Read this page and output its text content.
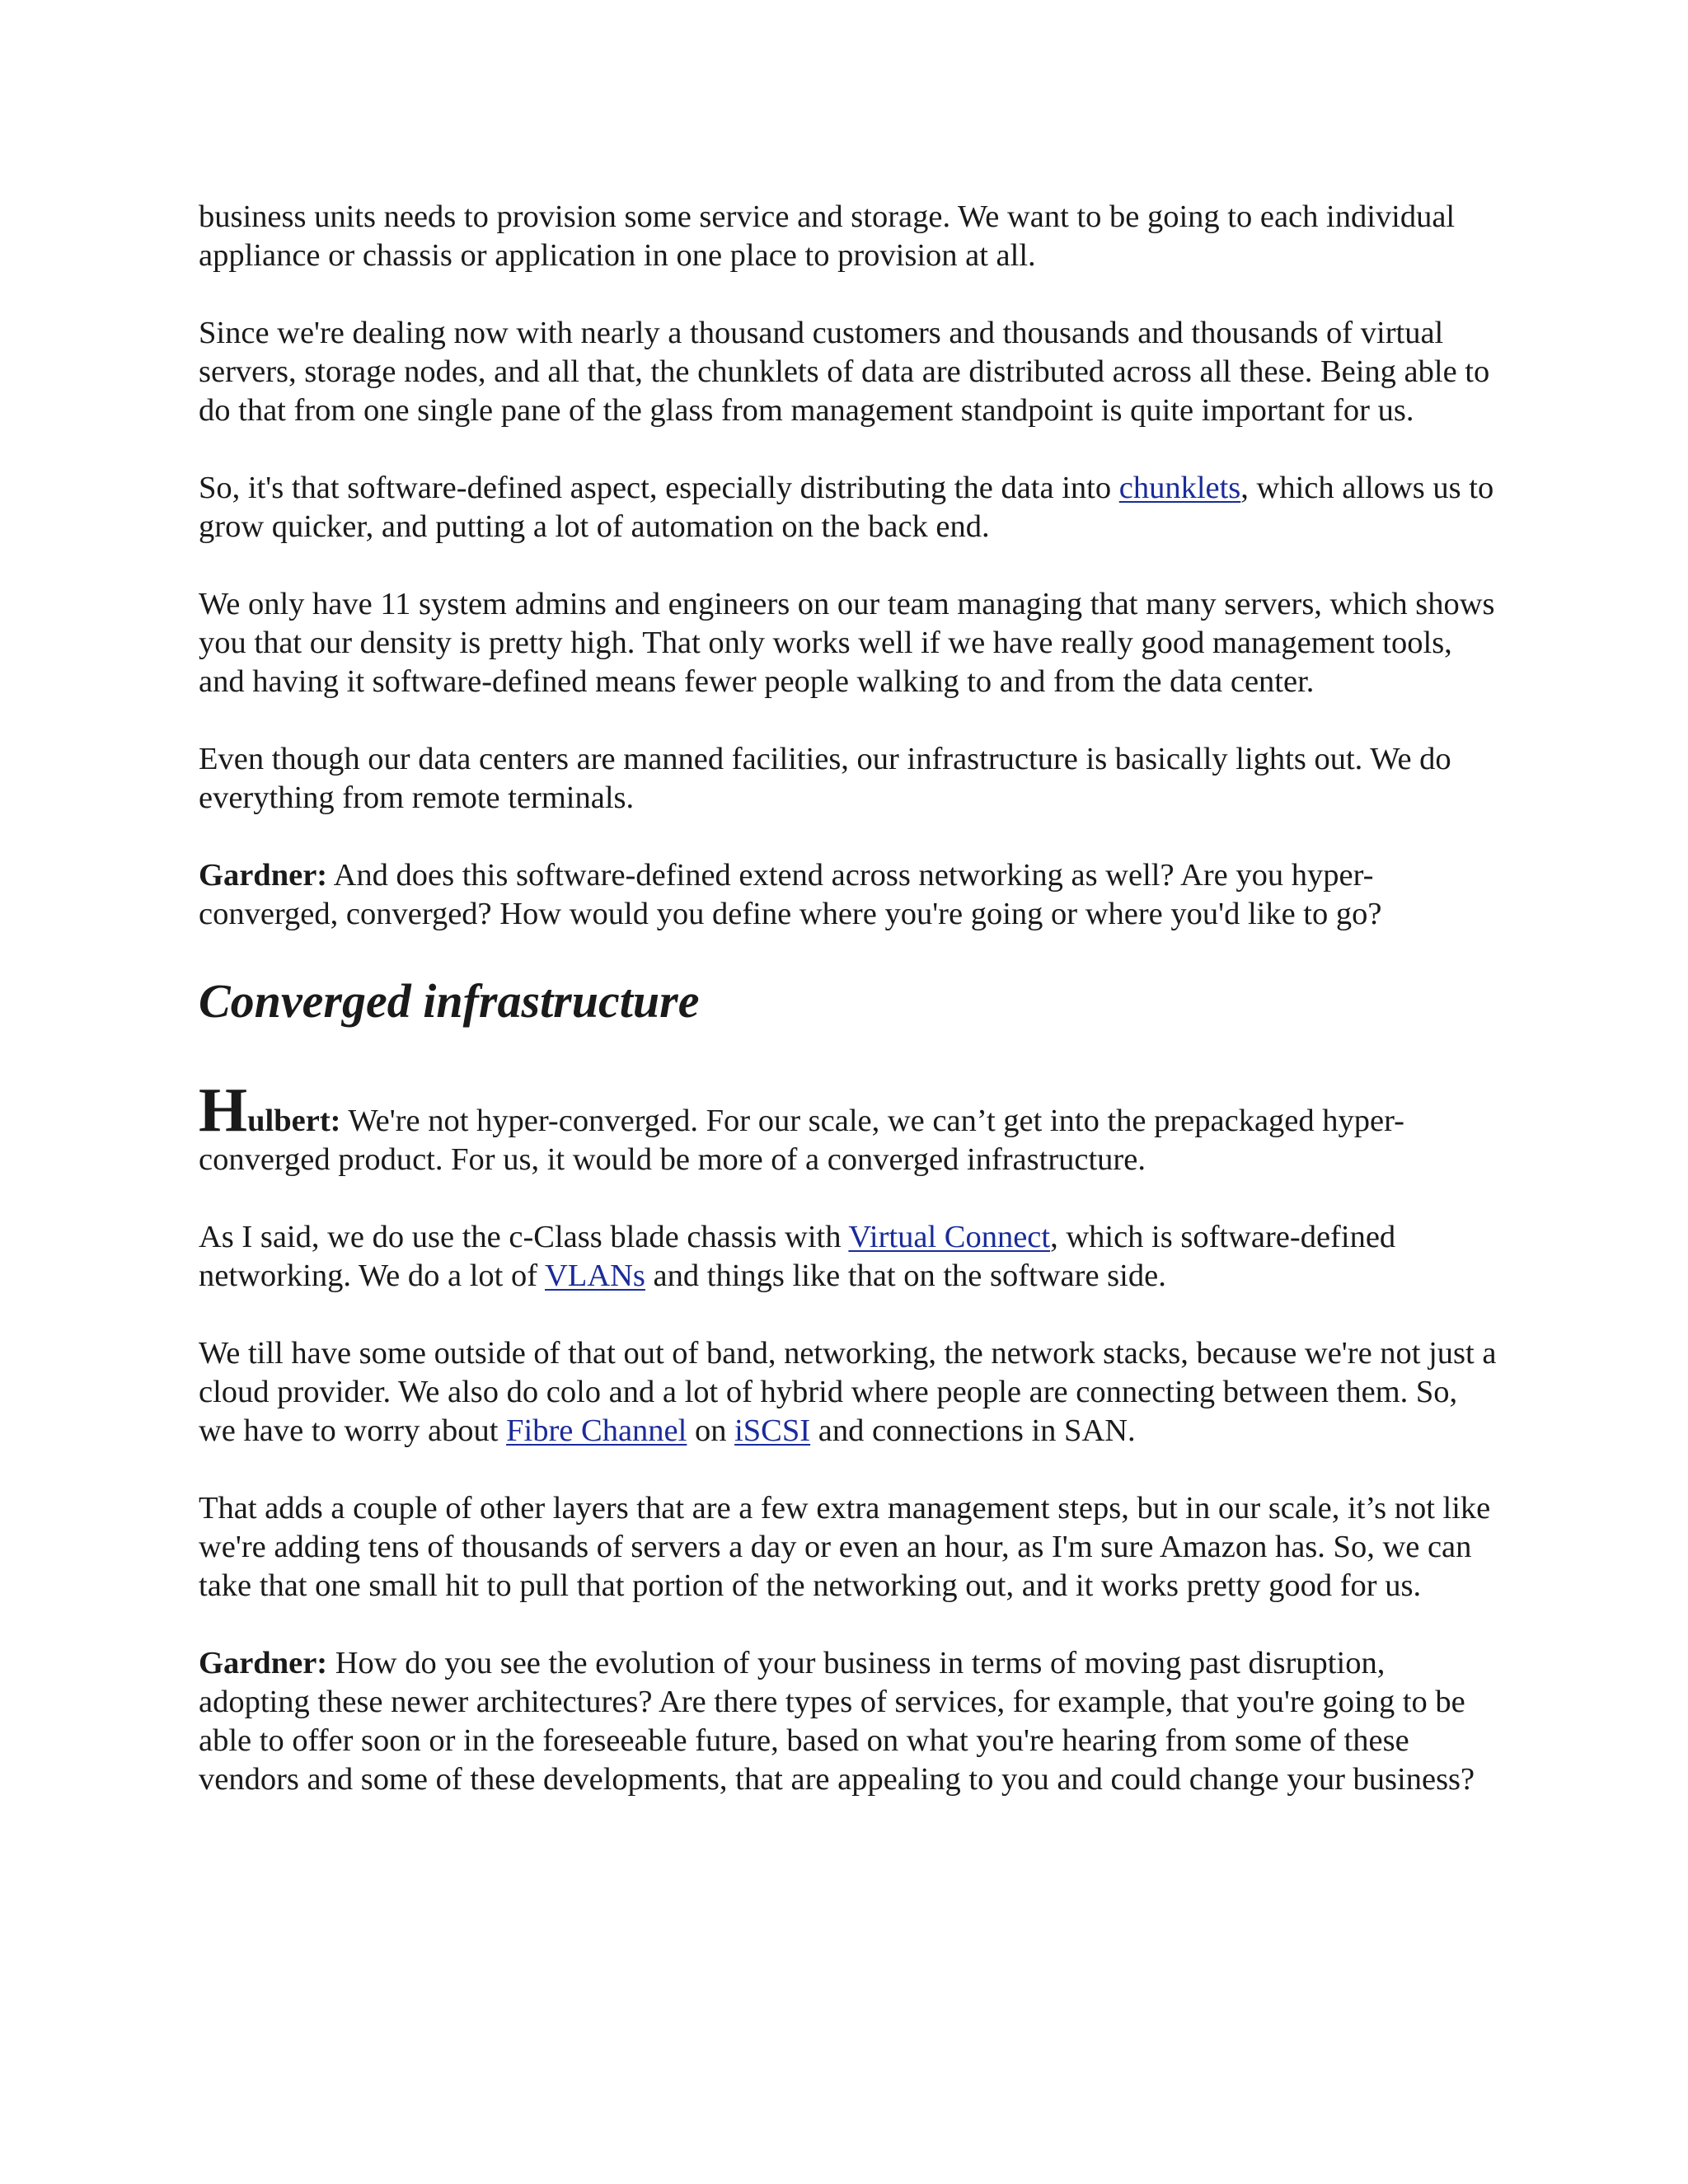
business units needs to provision some service and storage. We want to be going to each individual appliance or chassis or application in one place to provision at all.

Since we're dealing now with nearly a thousand customers and thousands and thousands of virtual servers, storage nodes, and all that, the chunklets of data are distributed across all these. Being able to do that from one single pane of the glass from management standpoint is quite important for us.

So, it's that software-defined aspect, especially distributing the data into chunklets, which allows us to grow quicker, and putting a lot of automation on the back end.

We only have 11 system admins and engineers on our team managing that many servers, which shows you that our density is pretty high. That only works well if we have really good management tools, and having it software-defined means fewer people walking to and from the data center.

Even though our data centers are manned facilities, our infrastructure is basically lights out. We do everything from remote terminals.

Gardner: And does this software-defined extend across networking as well? Are you hyper-converged, converged? How would you define where you're going or where you'd like to go?

Converged infrastructure

Hulbert: We're not hyper-converged. For our scale, we can’t get into the prepackaged hyper-converged product. For us, it would be more of a converged infrastructure.

As I said, we do use the c-Class blade chassis with Virtual Connect, which is software-defined networking. We do a lot of VLANs and things like that on the software side.

We till have some outside of that out of band, networking, the network stacks, because we're not just a cloud provider. We also do colo and a lot of hybrid where people are connecting between them. So, we have to worry about Fibre Channel on iSCSI and connections in SAN.

That adds a couple of other layers that are a few extra management steps, but in our scale, it’s not like we're adding tens of thousands of servers a day or even an hour, as I'm sure Amazon has. So, we can take that one small hit to pull that portion of the networking out, and it works pretty good for us.

Gardner: How do you see the evolution of your business in terms of moving past disruption, adopting these newer architectures? Are there types of services, for example, that you're going to be able to offer soon or in the foreseeable future, based on what you're hearing from some of these vendors and some of these developments, that are appealing to you and could change your business?
